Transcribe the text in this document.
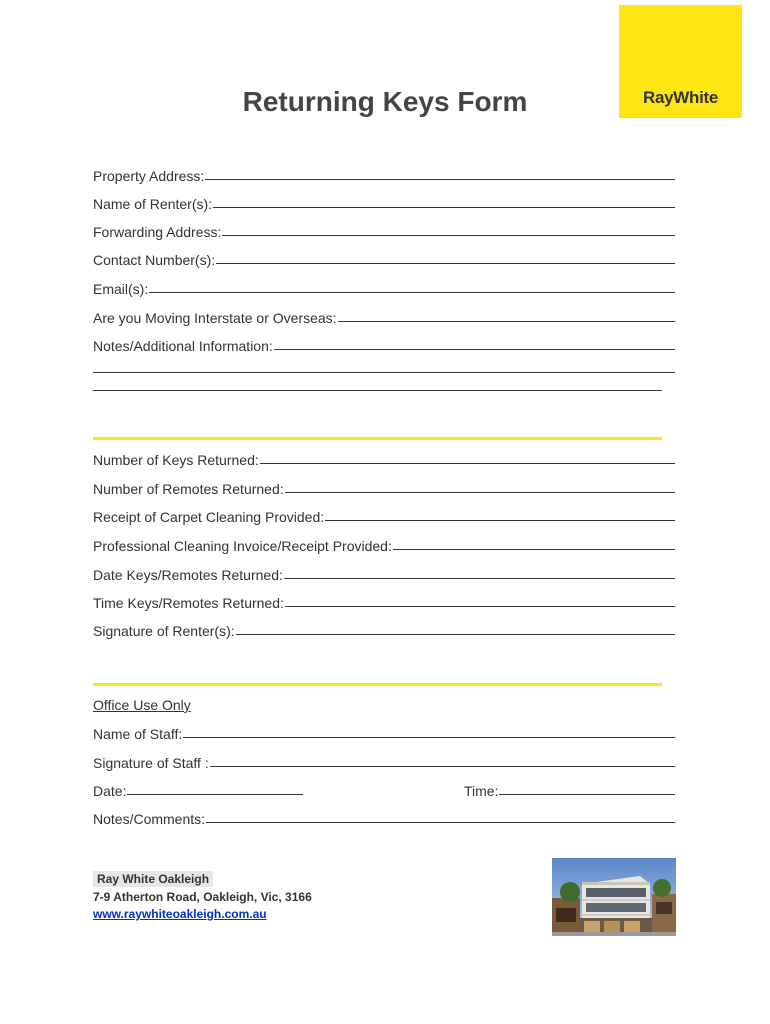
RayWhite
Returning Keys Form
Property Address:
Name of Renter(s):
Forwarding Address:
Contact Number(s):
Email(s):
Are you Moving Interstate or Overseas:
Notes/Additional Information:
Number of Keys Returned:
Number of Remotes Returned:
Receipt of Carpet Cleaning Provided:
Professional Cleaning Invoice/Receipt Provided:
Date Keys/Remotes Returned:
Time Keys/Remotes Returned:
Signature of Renter(s):
Office Use Only
Name of Staff:
Signature of Staff :
Date:	Time:
Notes/Comments:
Ray White Oakleigh
7-9 Atherton Road, Oakleigh, Vic, 3166
www.raywhiteoakleigh.com.au
